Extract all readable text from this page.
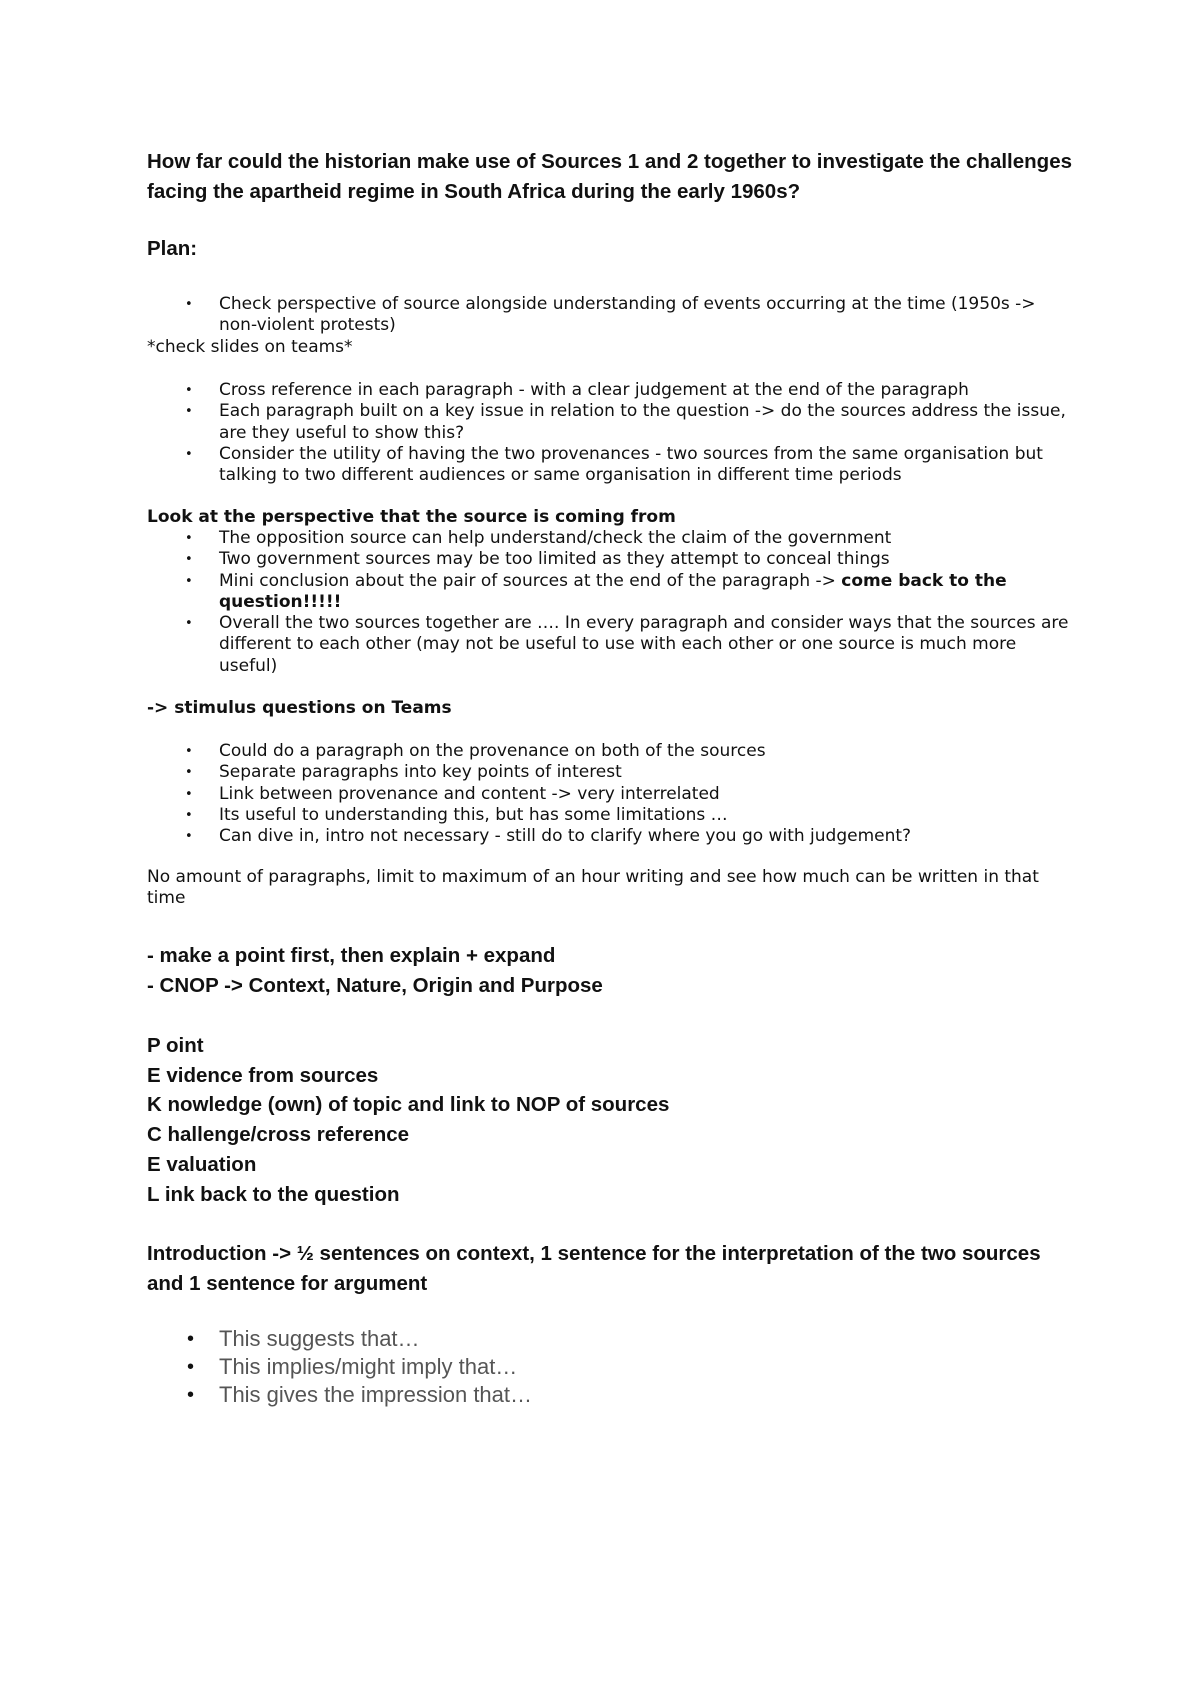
How far could the historian make use of Sources 1 and 2 together to investigate the challenges facing the apartheid regime in South Africa during the early 1960s?
Plan:
• Check perspective of source alongside understanding of events occurring at the time (1950s -> non-violent protests)
*check slides on teams*
• Cross reference in each paragraph - with a clear judgement at the end of the paragraph
• Each paragraph built on a key issue in relation to the question -> do the sources address the issue, are they useful to show this?
• Consider the utility of having the two provenances - two sources from the same organisation but talking to two different audiences or same organisation in different time periods
Look at the perspective that the source is coming from
• The opposition source can help understand/check the claim of the government
• Two government sources may be too limited as they attempt to conceal things
• Mini conclusion about the pair of sources at the end of the paragraph -> come back to the question!!!!!
• Overall the two sources together are …. In every paragraph and consider ways that the sources are different to each other (may not be useful to use with each other or one source is much more useful)
-> stimulus questions on Teams
• Could do a paragraph on the provenance on both of the sources
• Separate paragraphs into key points of interest
• Link between provenance and content -> very interrelated
• Its useful to understanding this, but has some limitations …
• Can dive in, intro not necessary - still do to clarify where you go with judgement?
No amount of paragraphs, limit to maximum of an hour writing and see how much can be written in that time
- make a point first, then explain + expand
- CNOP -> Context, Nature, Origin and Purpose
P oint
E vidence from sources
K nowledge (own) of topic and link to NOP of sources
C hallenge/cross reference
E valuation
L ink back to the question
Introduction -> ½ sentences on context, 1 sentence for the interpretation of the two sources and 1 sentence for argument
• This suggests that…
• This implies/might imply that…
• This gives the impression that…
